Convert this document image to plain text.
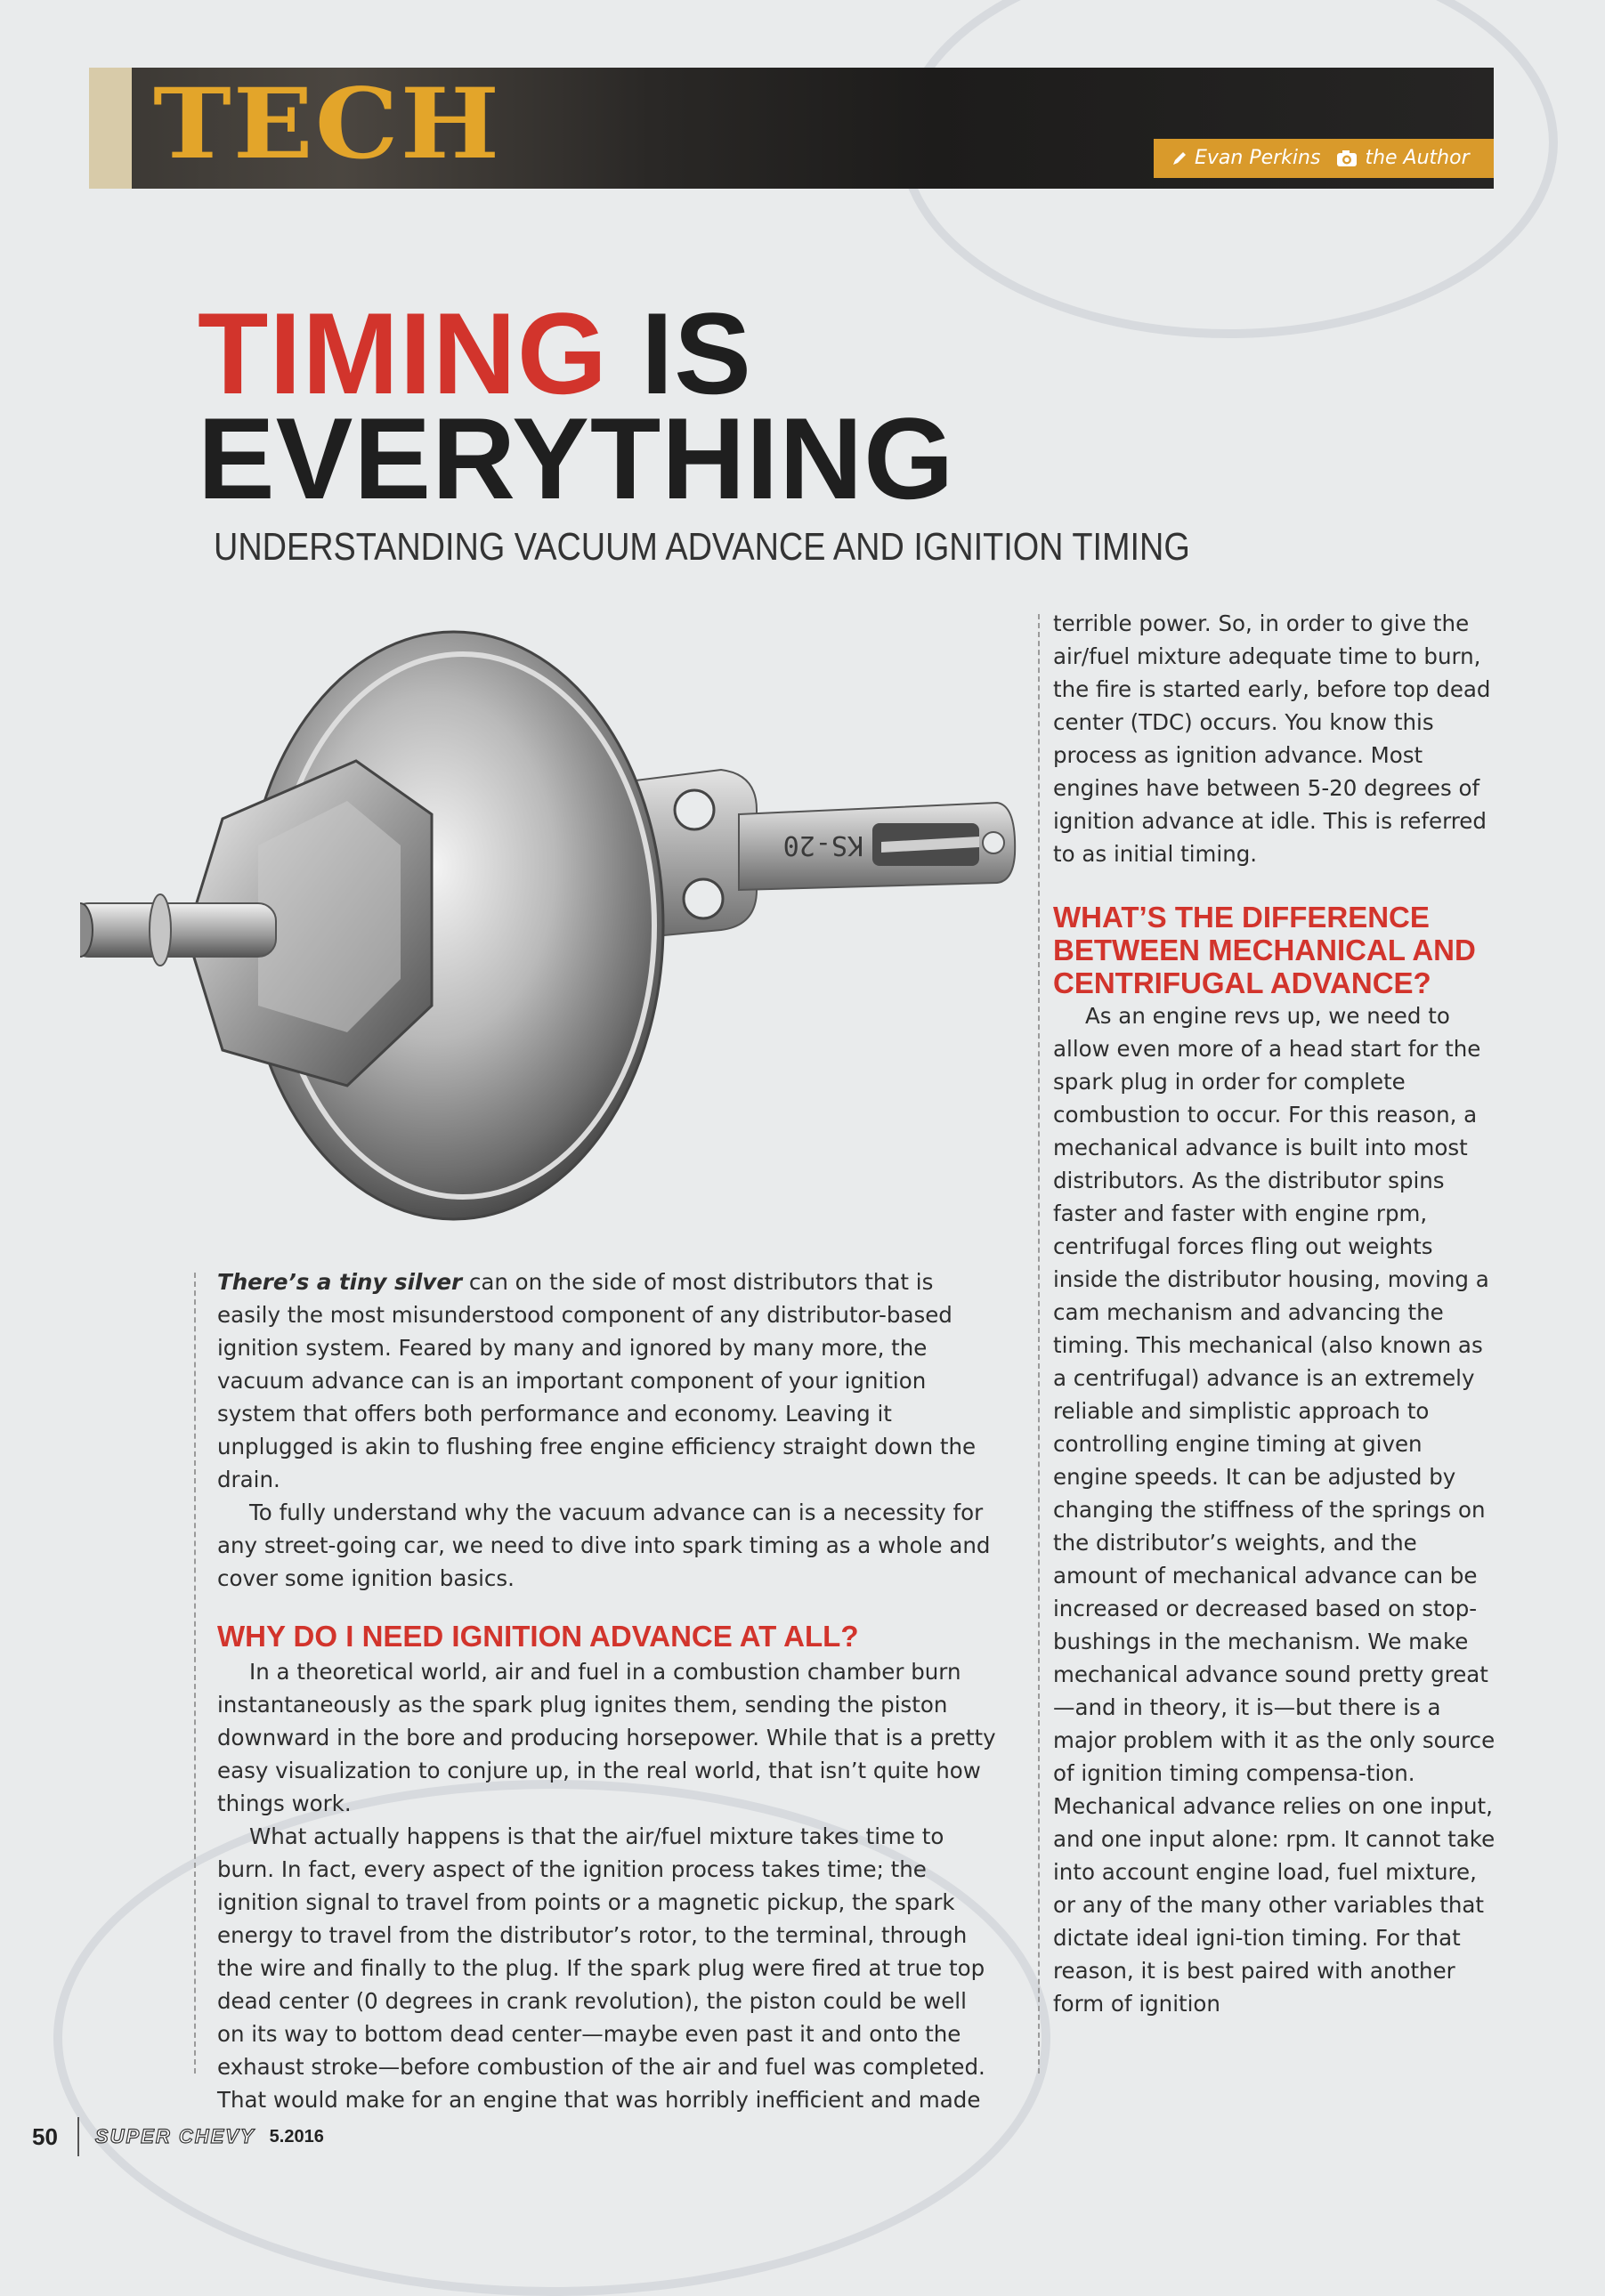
TECH	Evan Perkins the Author
TIMING IS
EVERYTHING
UNDERSTANDING VACUUM ADVANCE AND IGNITION TIMING
KS-20

There’s a tiny silver can on the side of most distributors that is easily the most misunderstood component of any distributor-based ignition system. Feared by many and ignored by many more, the vacuum advance can is an important component of your ignition system that offers both performance and economy. Leaving it unplugged is akin to flushing free engine efficiency straight down the drain.

To fully understand why the vacuum advance can is a necessity for any street-going car, we need to dive into spark timing as a whole and cover some ignition basics.

WHY DO I NEED IGNITION ADVANCE AT ALL?

In a theoretical world, air and fuel in a combustion chamber burn instantaneously as the spark plug ignites them, sending the piston downward in the bore and producing horsepower. While that is a pretty easy visualization to conjure up, in the real world, that isn’t quite how things work.

What actually happens is that the air/fuel mixture takes time to burn. In fact, every aspect of the ignition process takes time; the ignition signal to travel from points or a magnetic pickup, the spark energy to travel from the distributor’s rotor, to the terminal, through the wire and finally to the plug. If the spark plug were fired at true top dead center (0 degrees in crank revolution), the piston could be well on its way to bottom dead center—maybe even past it and onto the exhaust stroke—before combustion of the air and fuel was completed. That would make for an engine that was horribly inefficient and made

terrible power. So, in order to give the air/fuel mixture adequate time to burn, the fire is started early, before top dead center (TDC) occurs. You know this process as ignition advance. Most engines have between 5-20 degrees of ignition advance at idle. This is referred to as initial timing.

WHAT’S THE DIFFERENCE BETWEEN MECHANICAL AND CENTRIFUGAL ADVANCE?

As an engine revs up, we need to allow even more of a head start for the spark plug in order for complete combustion to occur. For this reason, a mechanical advance is built into most distributors. As the distributor spins faster and faster with engine rpm, centrifugal forces fling out weights inside the distributor housing, moving a cam mechanism and advancing the timing. This mechanical (also known as a centrifugal) advance is an extremely reliable and simplistic approach to controlling engine timing at given engine speeds. It can be adjusted by changing the stiffness of the springs on the distributor’s weights, and the amount of mechanical advance can be increased or decreased based on stop-bushings in the mechanism. We make mechanical advance sound pretty great—and in theory, it is—but there is a major problem with it as the only source of ignition timing compensa-tion. Mechanical advance relies on one input, and one input alone: rpm. It cannot take into account engine load, fuel mixture, or any of the many other variables that dictate ideal igni-tion timing. For that reason, it is best paired with another form of ignition

50 SUPER CHEVY 5.2016
